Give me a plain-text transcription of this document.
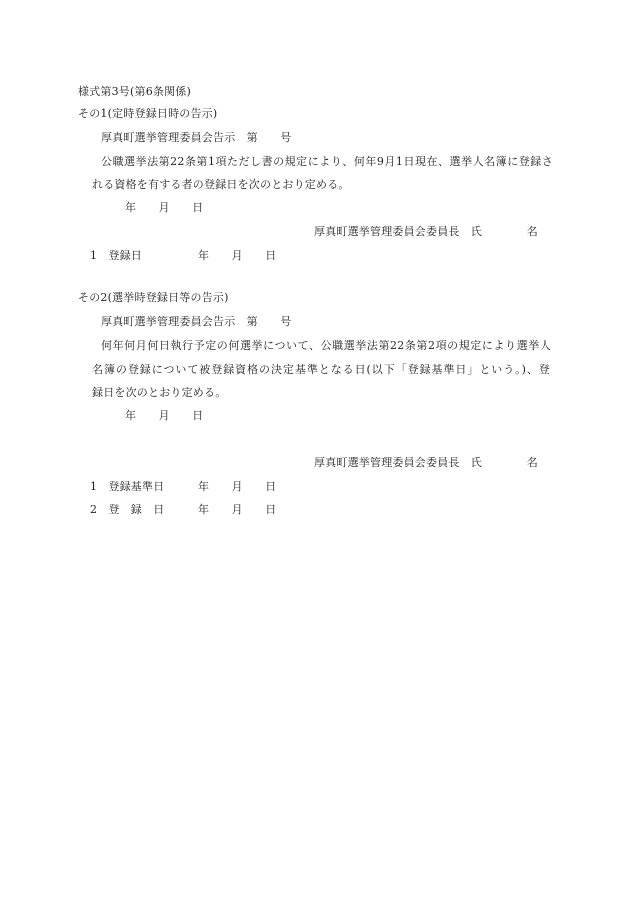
様式第3号(第6条関係)
その1(定時登録日時の告示)
厚真町選挙管理委員会告示　第　　号
公職選挙法第22条第1項ただし書の規定により、何年9月1日現在、選挙人名簿に登録さ
れる資格を有する者の登録日を次のとおり定める。
年　　月　　日
厚真町選挙管理委員会委員長　氏　　　　名
1　登録日　　　　　年　　月　　日
その2(選挙時登録日等の告示)
厚真町選挙管理委員会告示　第　　号
何年何月何日執行予定の何選挙について、公職選挙法第22条第2項の規定により選挙人
名簿の登録について被登録資格の決定基準となる日(以下「登録基準日」という。)、登
録日を次のとおり定める。
年　　月　　日
厚真町選挙管理委員会委員長　氏　　　　名
1　登録基準日　　　年　　月　　日
2　登　録　日　　　年　　月　　日
